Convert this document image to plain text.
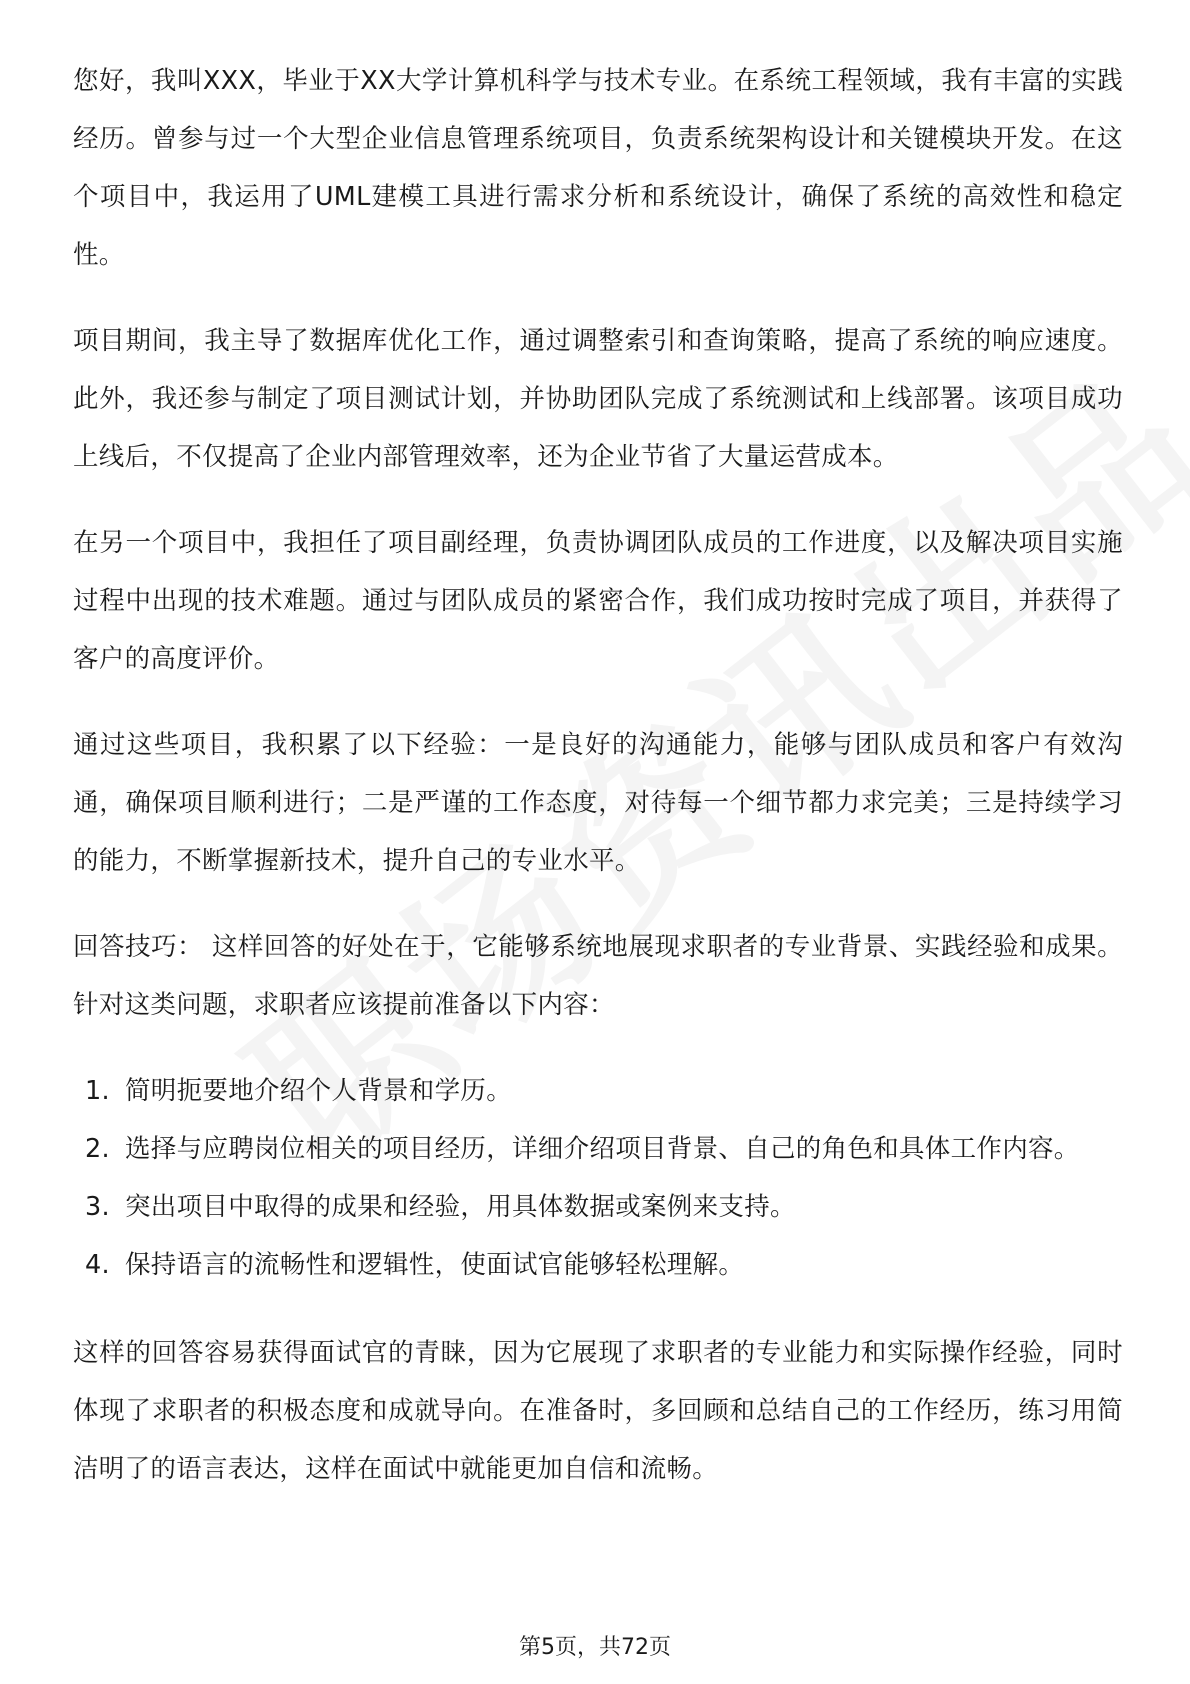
您好，我叫XXX，毕业于XX大学计算机科学与技术专业。在系统工程领域，我有丰富的实践经历。曾参与过一个大型企业信息管理系统项目，负责系统架构设计和关键模块开发。在这个项目中，我运用了UML建模工具进行需求分析和系统设计，确保了系统的高效性和稳定性。

项目期间，我主导了数据库优化工作，通过调整索引和查询策略，提高了系统的响应速度。此外，我还参与制定了项目测试计划，并协助团队完成了系统测试和上线部署。该项目成功上线后，不仅提高了企业内部管理效率，还为企业节省了大量运营成本。

在另一个项目中，我担任了项目副经理，负责协调团队成员的工作进度，以及解决项目实施过程中出现的技术难题。通过与团队成员的紧密合作，我们成功按时完成了项目，并获得了客户的高度评价。

通过这些项目，我积累了以下经验：一是良好的沟通能力，能够与团队成员和客户有效沟通，确保项目顺利进行；二是严谨的工作态度，对待每一个细节都力求完美；三是持续学习的能力，不断掌握新技术，提升自己的专业水平。

回答技巧： 这样回答的好处在于，它能够系统地展现求职者的专业背景、实践经验和成果。针对这类问题，求职者应该提前准备以下内容：

1. 简明扼要地介绍个人背景和学历。
2. 选择与应聘岗位相关的项目经历，详细介绍项目背景、自己的角色和具体工作内容。
3. 突出项目中取得的成果和经验，用具体数据或案例来支持。
4. 保持语言的流畅性和逻辑性，使面试官能够轻松理解。

这样的回答容易获得面试官的青睐，因为它展现了求职者的专业能力和实际操作经验，同时体现了求职者的积极态度和成就导向。在准备时，多回顾和总结自己的工作经历，练习用简洁明了的语言表达，这样在面试中就能更加自信和流畅。

第5页，共72页
